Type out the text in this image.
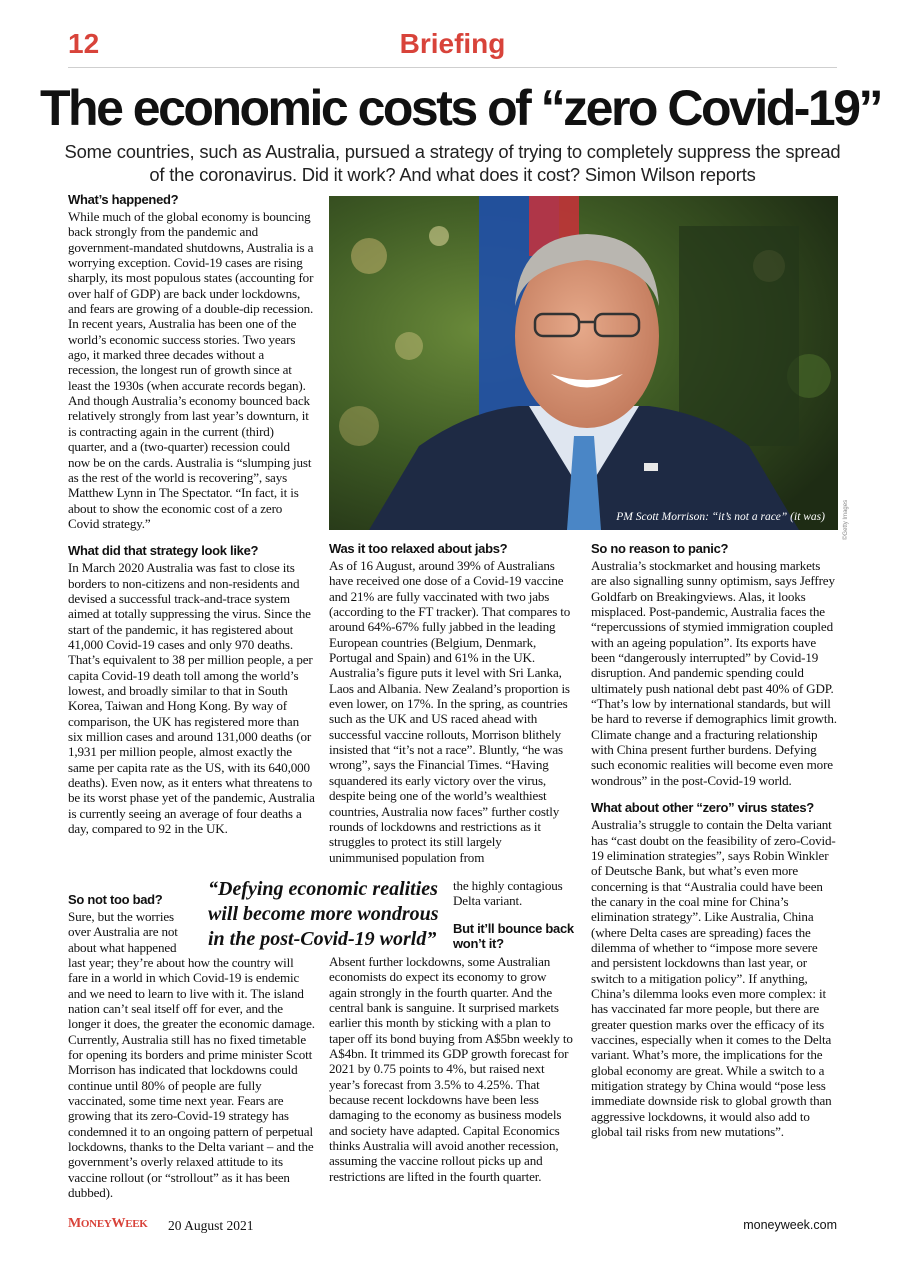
12	Briefing
The economic costs of “zero Covid-19”
Some countries, such as Australia, pursued a strategy of trying to completely suppress the spread of the coronavirus. Did it work? And what does it cost? Simon Wilson reports
What’s happened?

While much of the global economy is bouncing back strongly from the pandemic and government-mandated shutdowns, Australia is a worrying exception. Covid-19 cases are rising sharply, its most populous states (accounting for over half of GDP) are back under lockdowns, and fears are growing of a double-dip recession. In recent years, Australia has been one of the world’s economic success stories. Two years ago, it marked three decades without a recession, the longest run of growth since at least the 1930s (when accurate records began). And though Australia’s economy bounced back relatively strongly from last year’s downturn, it is contracting again in the current (third) quarter, and a (two-quarter) recession could now be on the cards. Australia is “slumping just as the rest of the world is recovering”, says Matthew Lynn in The Spectator. “In fact, it is about to show the economic cost of a zero Covid strategy.”

What did that strategy look like?

In March 2020 Australia was fast to close its borders to non-citizens and non-residents and devised a successful track-and-trace system aimed at totally suppressing the virus. Since the start of the pandemic, it has registered about 41,000 Covid-19 cases and only 970 deaths. That’s equivalent to 38 per million people, a per capita Covid-19 death toll among the world’s lowest, and broadly similar to that in South Korea, Taiwan and Hong Kong. By way of comparison, the UK has registered more than six million cases and around 131,000 deaths (or 1,931 per million people, almost exactly the same per capita rate as the US, with its 640,000 deaths). Even now, as it enters what threatens to be its worst phase yet of the pandemic, Australia is currently seeing an average of four deaths a day, compared to 92 in the UK.

So not too bad?
Sure, but the worries
over Australia are not
about what happened

last year; they’re about how the country will fare in a world in which Covid-19 is endemic and we need to learn to live with it. The island nation can’t seal itself off for ever, and the longer it does, the greater the economic damage. Currently, Australia still has no fixed timetable for opening its borders and prime minister Scott Morrison has indicated that lockdowns could continue until 80% of people are fully vaccinated, some time next year. Fears are growing that its zero-Covid-19 strategy has condemned it to an ongoing pattern of perpetual lockdowns, thanks to the Delta variant – and the government’s overly relaxed attitude to its vaccine rollout (or “strollout” as it has been dubbed).

“Defying economic realities
will become more wondrous
in the post-Covid-19 world”
PM Scott Morrison: “it’s not a race” (it was)	©Getty Images
Was it too relaxed about jabs?

As of 16 August, around 39% of Australians have received one dose of a Covid-19 vaccine and 21% are fully vaccinated with two jabs (according to the FT tracker). That compares to around 64%-67% fully jabbed in the leading European countries (Belgium, Denmark, Portugal and Spain) and 61% in the UK. Australia’s figure puts it level with Sri Lanka, Laos and Albania. New Zealand’s proportion is even lower, on 17%. In the spring, as countries such as the UK and US raced ahead with successful vaccine rollouts, Morrison blithely insisted that “it’s not a race”. Bluntly, “he was wrong”, says the Financial Times. “Having squandered its early victory over the virus, despite being one of the world’s wealthiest countries, Australia now faces” further costly rounds of lockdowns and restrictions as it struggles to protect its still largely unimmunised population from

the highly contagious
Delta variant.
But it’ll bounce back
won’t it?

Absent further lockdowns, some Australian economists do expect its economy to grow again strongly in the fourth quarter. And the central bank is sanguine. It surprised markets earlier this month by sticking with a plan to taper off its bond buying from A$5bn weekly to A$4bn. It trimmed its GDP growth forecast for 2021 by 0.75 points to 4%, but raised next year’s forecast from 3.5% to 4.25%. That because recent lockdowns have been less damaging to the economy as business models and society have adapted. Capital Economics thinks Australia will avoid another recession, assuming the vaccine rollout picks up and restrictions are lifted in the fourth quarter.

So no reason to panic?

Australia’s stockmarket and housing markets are also signalling sunny optimism, says Jeffrey Goldfarb on Breakingviews. Alas, it looks misplaced. Post-pandemic, Australia faces the “repercussions of stymied immigration coupled with an ageing population”. Its exports have been “dangerously interrupted” by Covid-19 disruption. And pandemic spending could ultimately push national debt past 40% of GDP. “That’s low by international standards, but will be hard to reverse if demographics limit growth. Climate change and a fracturing relationship with China present further burdens. Defying such economic realities will become even more wondrous” in the post-Covid-19 world.

What about other “zero” virus states?

Australia’s struggle to contain the Delta variant has “cast doubt on the feasibility of zero-Covid-19 elimination strategies”, says Robin Winkler of Deutsche Bank, but what’s even more concerning is that “Australia could have been the canary in the coal mine for China’s elimination strategy”. Like Australia, China (where Delta cases are spreading) faces the dilemma of whether to “impose more severe and persistent lockdowns than last year, or switch to a mitigation policy”. If anything, China’s dilemma looks even more complex: it has vaccinated far more people, but there are greater question marks over the efficacy of its vaccines, especially when it comes to the Delta variant. What’s more, the implications for the global economy are great. While a switch to a mitigation strategy by China would “pose less immediate downside risk to global growth than aggressive lockdowns, it would also add to global tail risks from new mutations”.

MONEYWEEK 20 August 2021	moneyweek.com
